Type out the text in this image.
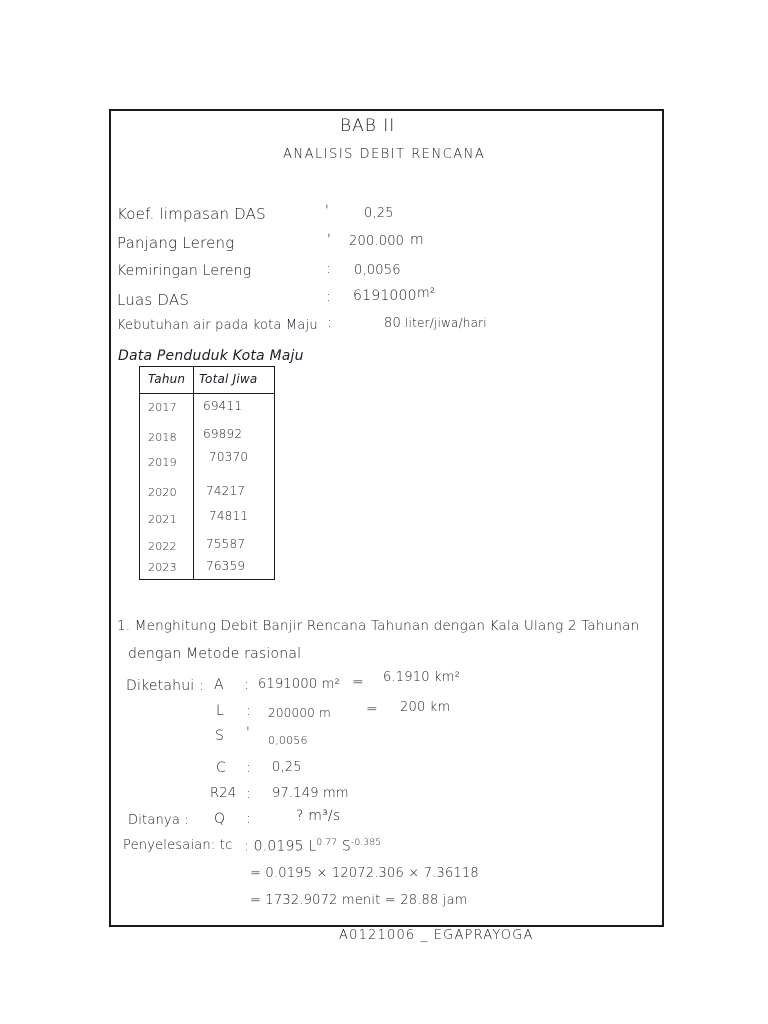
BAB II
ANALISIS DEBIT RENCANA
Koef. limpasan DAS	'	0,25
Panjang Lereng	' 200.000 m
Kemiringan Lereng	: 0,0056
Luas DAS	: 6191000 m²
Kebutuhan air pada kota Maju :	80 liter/jiwa/hari
Data Penduduk Kota Maju
Tahun Total Jiwa
2017 69411
2018 69892
2019	70370
2020 74217
2021	74811
2022 75587
2023 76359
1. Menghitung Debit Banjir Rencana Tahunan dengan Kala Ulang 2 Tahunan
dengan Metode rasional
Diketahui : A : 6191000 m² = 6.1910 km²
L : 200000 m	= 200 km
S ' 0,0056
C : 0,25
R24 : 97.149 mm
Ditanya : Q :	? m³/s
Penyelesaian: tc : 0.0195 $L^{0.77}$ $S^{-0.385}$
= 0.0195 × 12072.306 × 7.36118
= 1732.9072 menit = 28.88 jam
A0121006 _ EGAPRAYOGA
